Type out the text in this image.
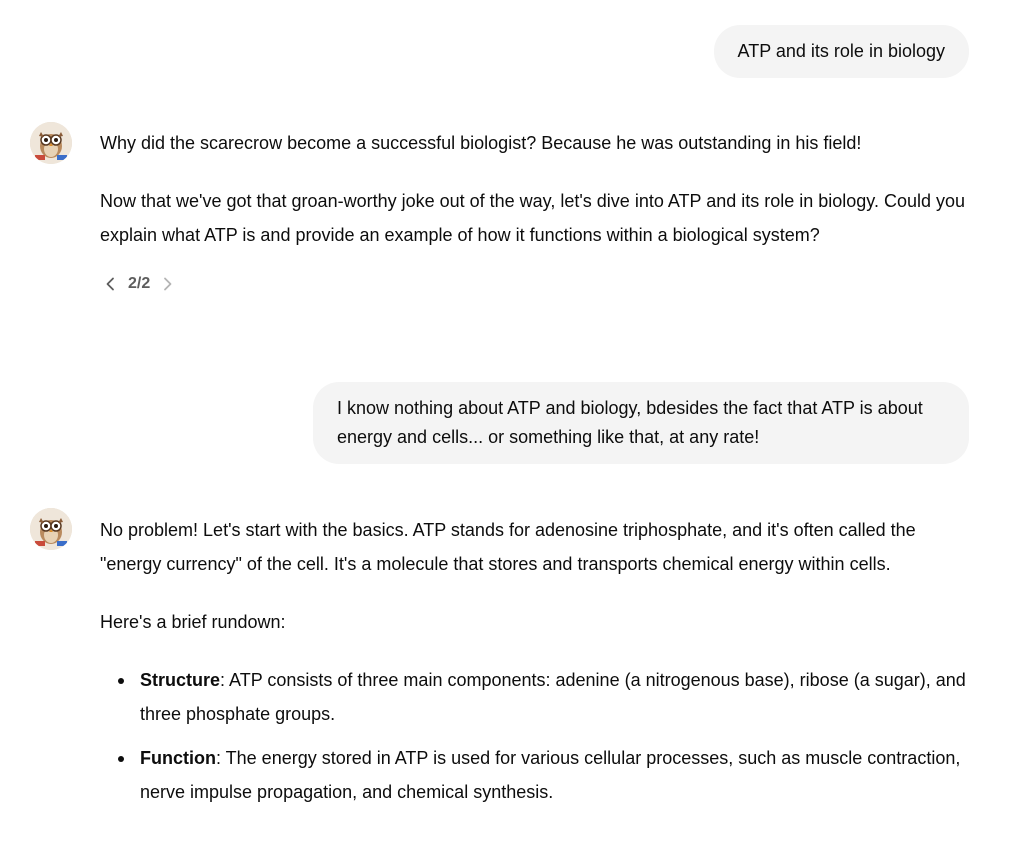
ATP and its role in biology

Why did the scarecrow become a successful biologist? Because he was outstanding in his field!

Now that we've got that groan-worthy joke out of the way, let's dive into ATP and its role in biology. Could you explain what ATP is and provide an example of how it functions within a biological system?

2/2
I know nothing about ATP and biology, bdesides the fact that ATP is about energy and cells... or something like that, at any rate!

No problem! Let's start with the basics. ATP stands for adenosine triphosphate, and it's often called the "energy currency" of the cell. It's a molecule that stores and transports chemical energy within cells.

Here's a brief rundown:

Structure: ATP consists of three main components: adenine (a nitrogenous base), ribose (a sugar), and three phosphate groups.
Function: The energy stored in ATP is used for various cellular processes, such as muscle contraction, nerve impulse propagation, and chemical synthesis.
